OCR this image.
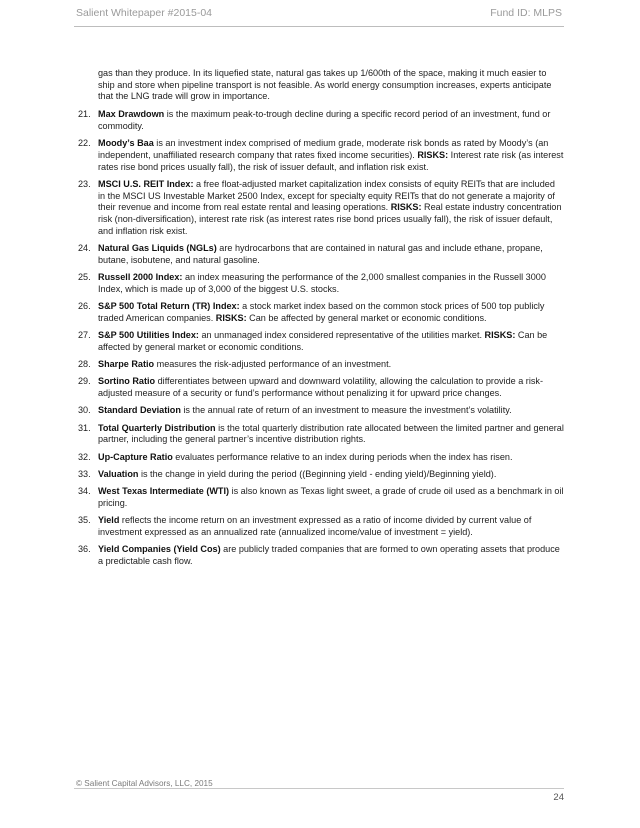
Salient Whitepaper #2015-04	Fund ID: MLPS

gas than they produce. In its liquefied state, natural gas takes up 1/600th of the space, making it much easier to ship and store when pipeline transport is not feasible. As world energy consumption increases, experts anticipate that the LNG trade will grow in importance.

21. Max Drawdown is the maximum peak-to-trough decline during a specific record period of an investment, fund or commodity.
22. Moody’s Baa is an investment index comprised of medium grade, moderate risk bonds as rated by Moody’s (an independent, unaffiliated research company that rates fixed income securities). RISKS: Interest rate risk (as interest rates rise bond prices usually fall), the risk of issuer default, and inflation risk exist.
23. MSCI U.S. REIT Index: a free float-adjusted market capitalization index consists of equity REITs that are included in the MSCI US Investable Market 2500 Index, except for specialty equity REITs that do not generate a majority of their revenue and income from real estate rental and leasing operations. RISKS: Real estate industry concentration risk (non-diversification), interest rate risk (as interest rates rise bond prices usually fall), the risk of issuer default, and inflation risk exist.
24. Natural Gas Liquids (NGLs) are hydrocarbons that are contained in natural gas and include ethane, propane, butane, isobutene, and natural gasoline.
25. Russell 2000 Index: an index measuring the performance of the 2,000 smallest companies in the Russell 3000 Index, which is made up of 3,000 of the biggest U.S. stocks.
26. S&P 500 Total Return (TR) Index: a stock market index based on the common stock prices of 500 top publicly traded American companies. RISKS: Can be affected by general market or economic conditions.
27. S&P 500 Utilities Index: an unmanaged index considered representative of the utilities market. RISKS: Can be affected by general market or economic conditions.
28. Sharpe Ratio measures the risk-adjusted performance of an investment.
29. Sortino Ratio differentiates between upward and downward volatility, allowing the calculation to provide a risk-adjusted measure of a security or fund’s performance without penalizing it for upward price changes.
30. Standard Deviation is the annual rate of return of an investment to measure the investment’s volatility.
31. Total Quarterly Distribution is the total quarterly distribution rate allocated between the limited partner and general partner, including the general partner’s incentive distribution rights.
32. Up-Capture Ratio evaluates performance relative to an index during periods when the index has risen.
33. Valuation is the change in yield during the period ((Beginning yield - ending yield)/Beginning yield).
34. West Texas Intermediate (WTI) is also known as Texas light sweet, a grade of crude oil used as a benchmark in oil pricing.
35. Yield reflects the income return on an investment expressed as a ratio of income divided by current value of investment expressed as an annualized rate (annualized income/value of investment = yield).
36. Yield Companies (Yield Cos) are publicly traded companies that are formed to own operating assets that produce a predictable cash flow.
© Salient Capital Advisors, LLC, 2015
24
